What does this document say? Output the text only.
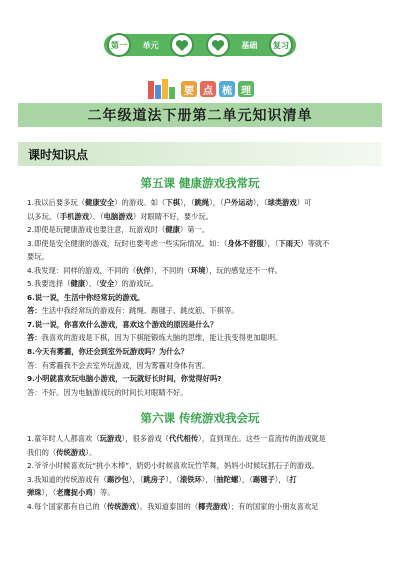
第一 单元	基础 复习
要 点 梳 理
二年级道法下册第二单元知识清单
课时知识点
第五课 健康游戏我常玩

1.我以后要多玩（健康安全）的游戏。如（下棋），（跳绳），（户外运动），（球类游戏）可

以多玩。（手机游戏）、（电脑游戏）对眼睛不好，要少玩。

2.即使是玩健康游戏也要注意，玩游戏时（健康）第一。

3.即使是安全健康的游戏，玩时也要考虑一些实际情况。如：（身体不舒服），（下雨天）等就不

要玩。

4.我发现：同样的游戏，不同的（伙伴），不同的（环境），玩的感觉还不一样。

5.我要选择（健康）、（安全）的游戏玩。

6.说一说，生活中你经常玩的游戏。

答：生活中我经常玩的游戏有：跳绳、踢毽子、跳皮筋、下棋等。

7.说一说，你喜欢什么游戏，喜欢这个游戏的原因是什么？

答：我喜欢的游戏是下棋，因为下棋能锻炼大脑的思维，能让我变得更加聪明。

8.今天有雾霾，你还会到室外玩游戏吗？为什么？

答：有雾霾我不会去室外玩游戏，因为雾霾对身体有害。

9.小明就喜欢玩电脑小游戏，一玩就好长时间，你觉得好吗?

答：不好。因为电脑游戏玩的时间长对眼睛不好。

第六课 传统游戏我会玩

1.童年时人人都喜欢（玩游戏），很多游戏（代代相传），直到现在。这些一直流传的游戏就是

我们的（传统游戏）。

2.爷爷小时候喜欢玩“挑小木棒”，奶奶小时候喜欢玩竹竿舞，妈妈小时候玩抓石子的游戏。

3.我知道的传统游戏有（踢沙包），（跳房子），（滚铁环），（抽陀螺），（踢毽子），（打

弹珠），（老鹰捉小鸡）等。

4.每个国家都有自己的（传统游戏）。我知道泰国的（椰壳游戏）；有的国家的小朋友喜欢足
